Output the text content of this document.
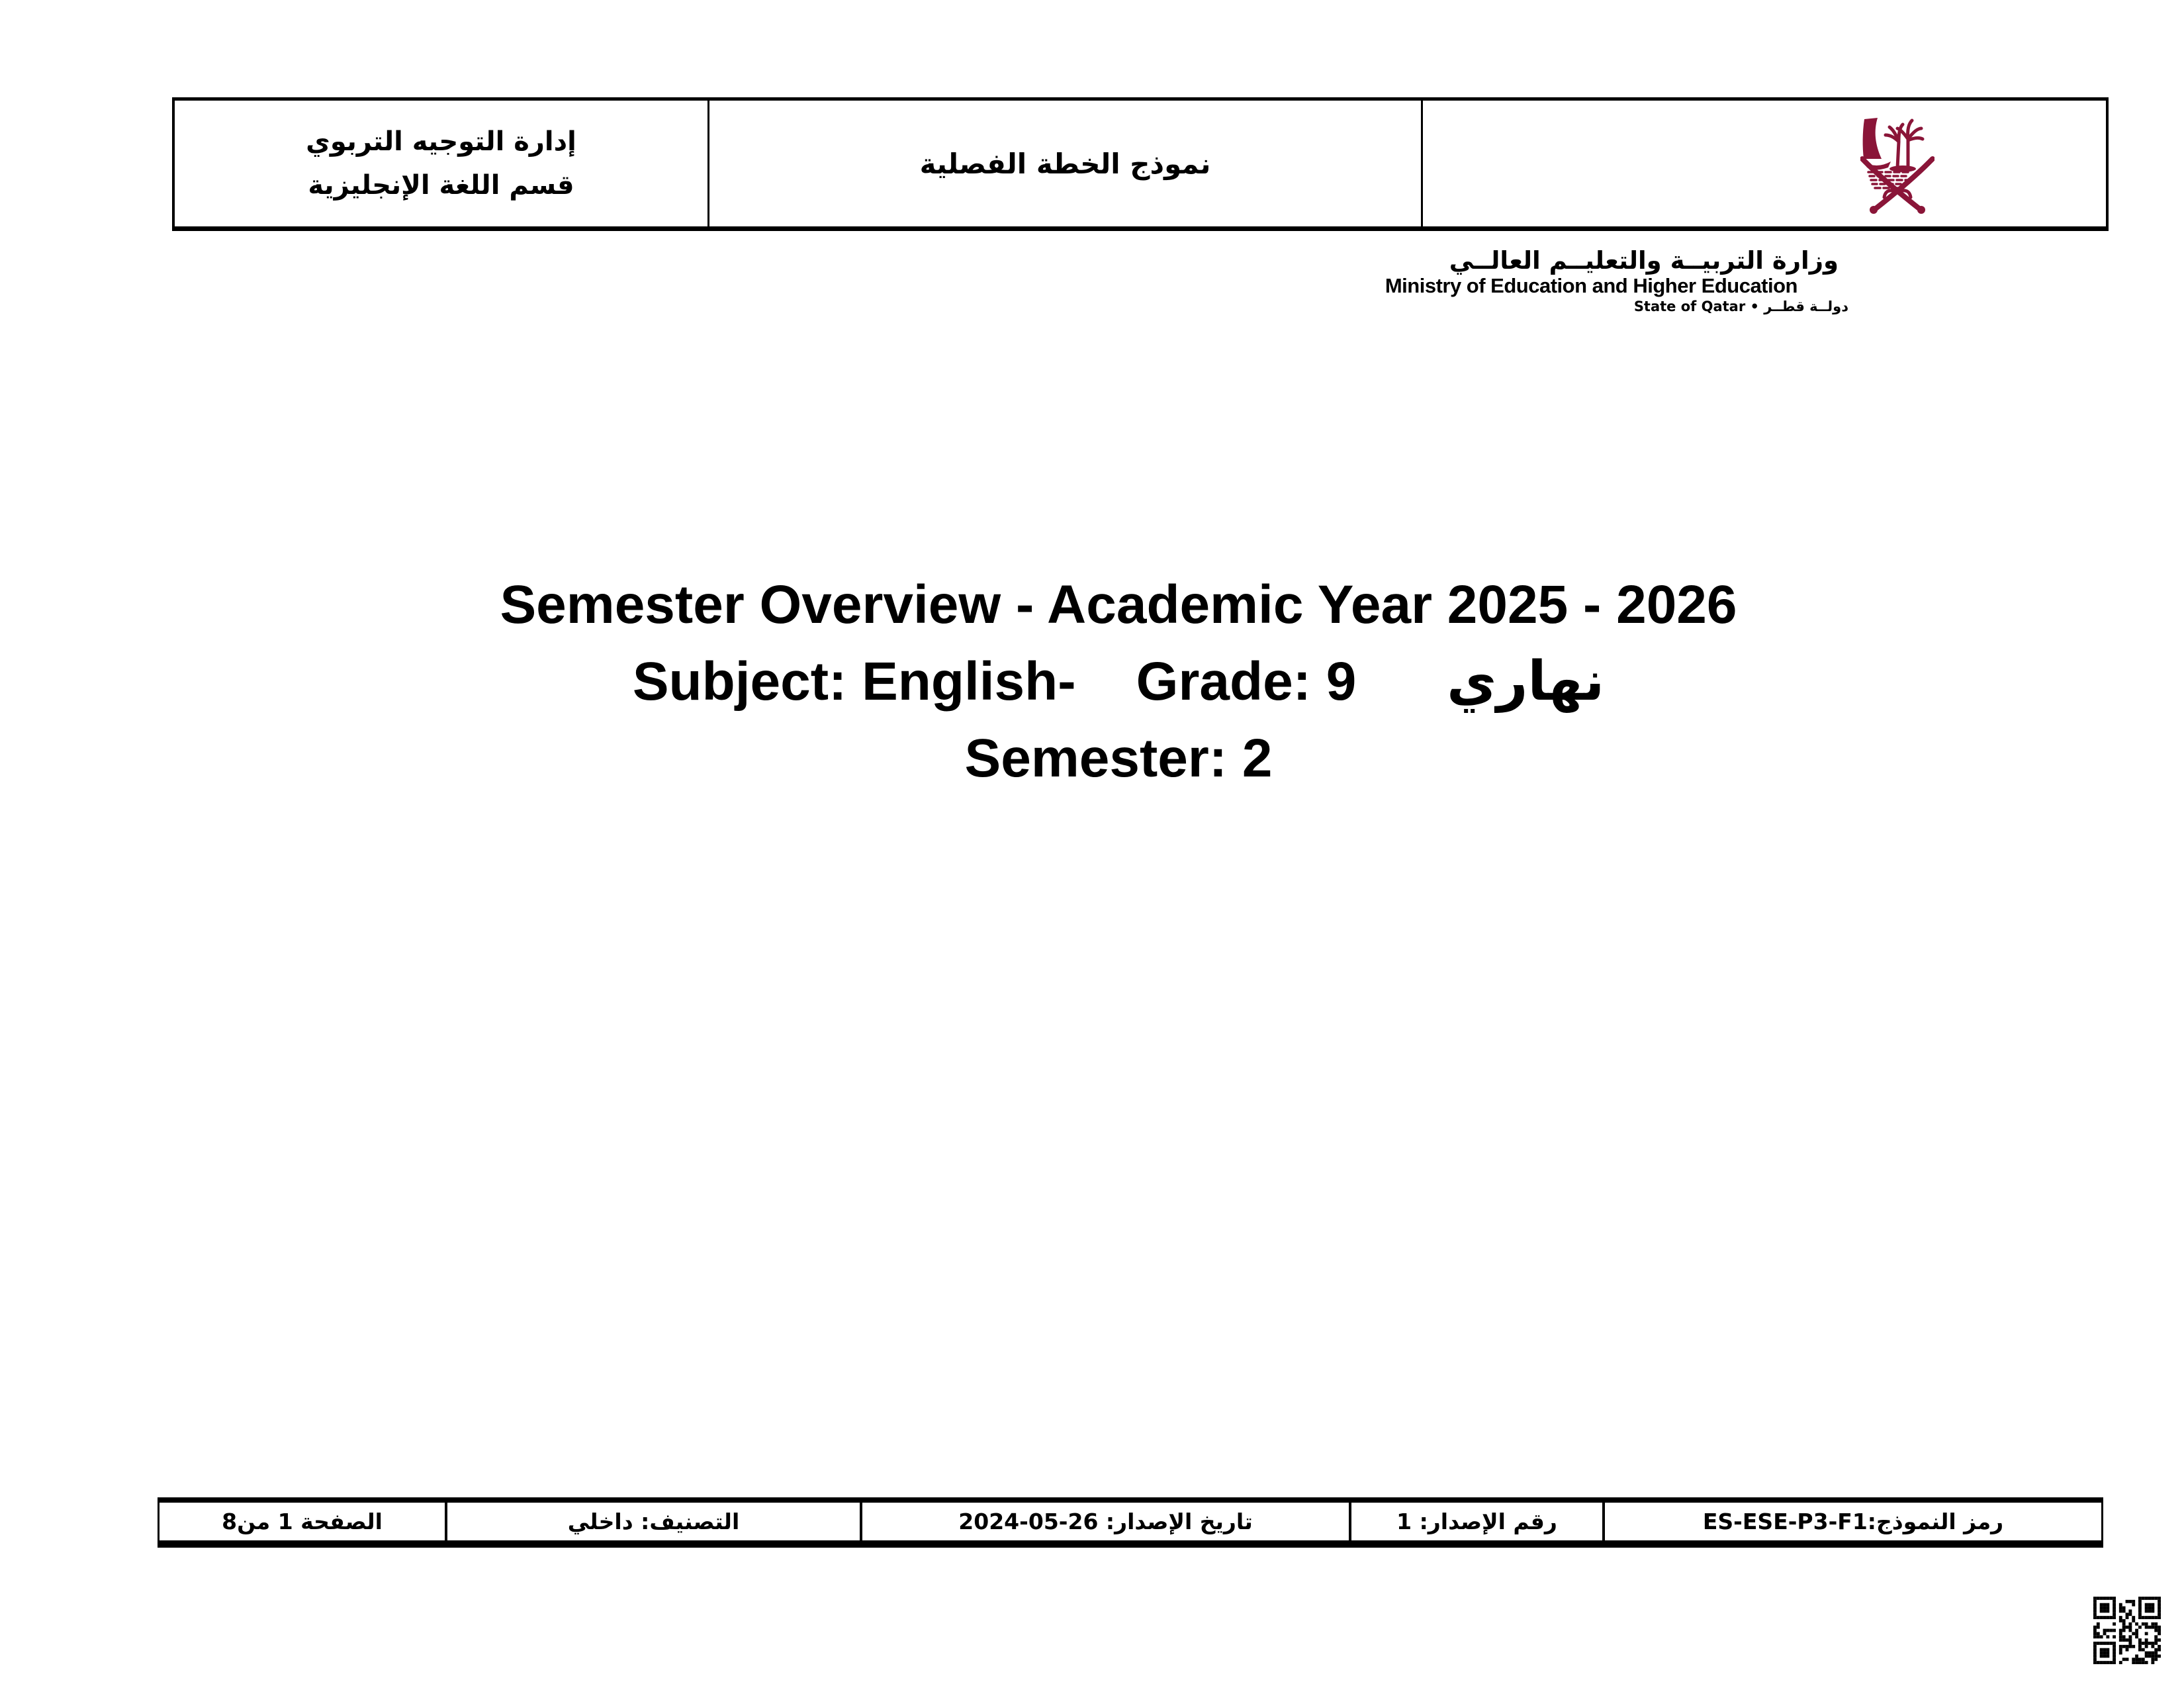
إدارة التوجيه التربوي
قسم اللغة الإنجليزية
نموذج الخطة الفصلية
وزارة التربيــة والتعليــم العالــي
Ministry of Education and Higher Education
State of Qatar • دولــة قطــر
Semester Overview - Academic Year 2025 - 2026
Subject: English-    Grade: 9      نهاري
Semester: 2
الصفحة 1 من8	التصنيف: داخلي	تاريخ الإصدار: 26-05-2024	رقم الإصدار: 1	رمز النموذج:ES-ESE-P3-F1
